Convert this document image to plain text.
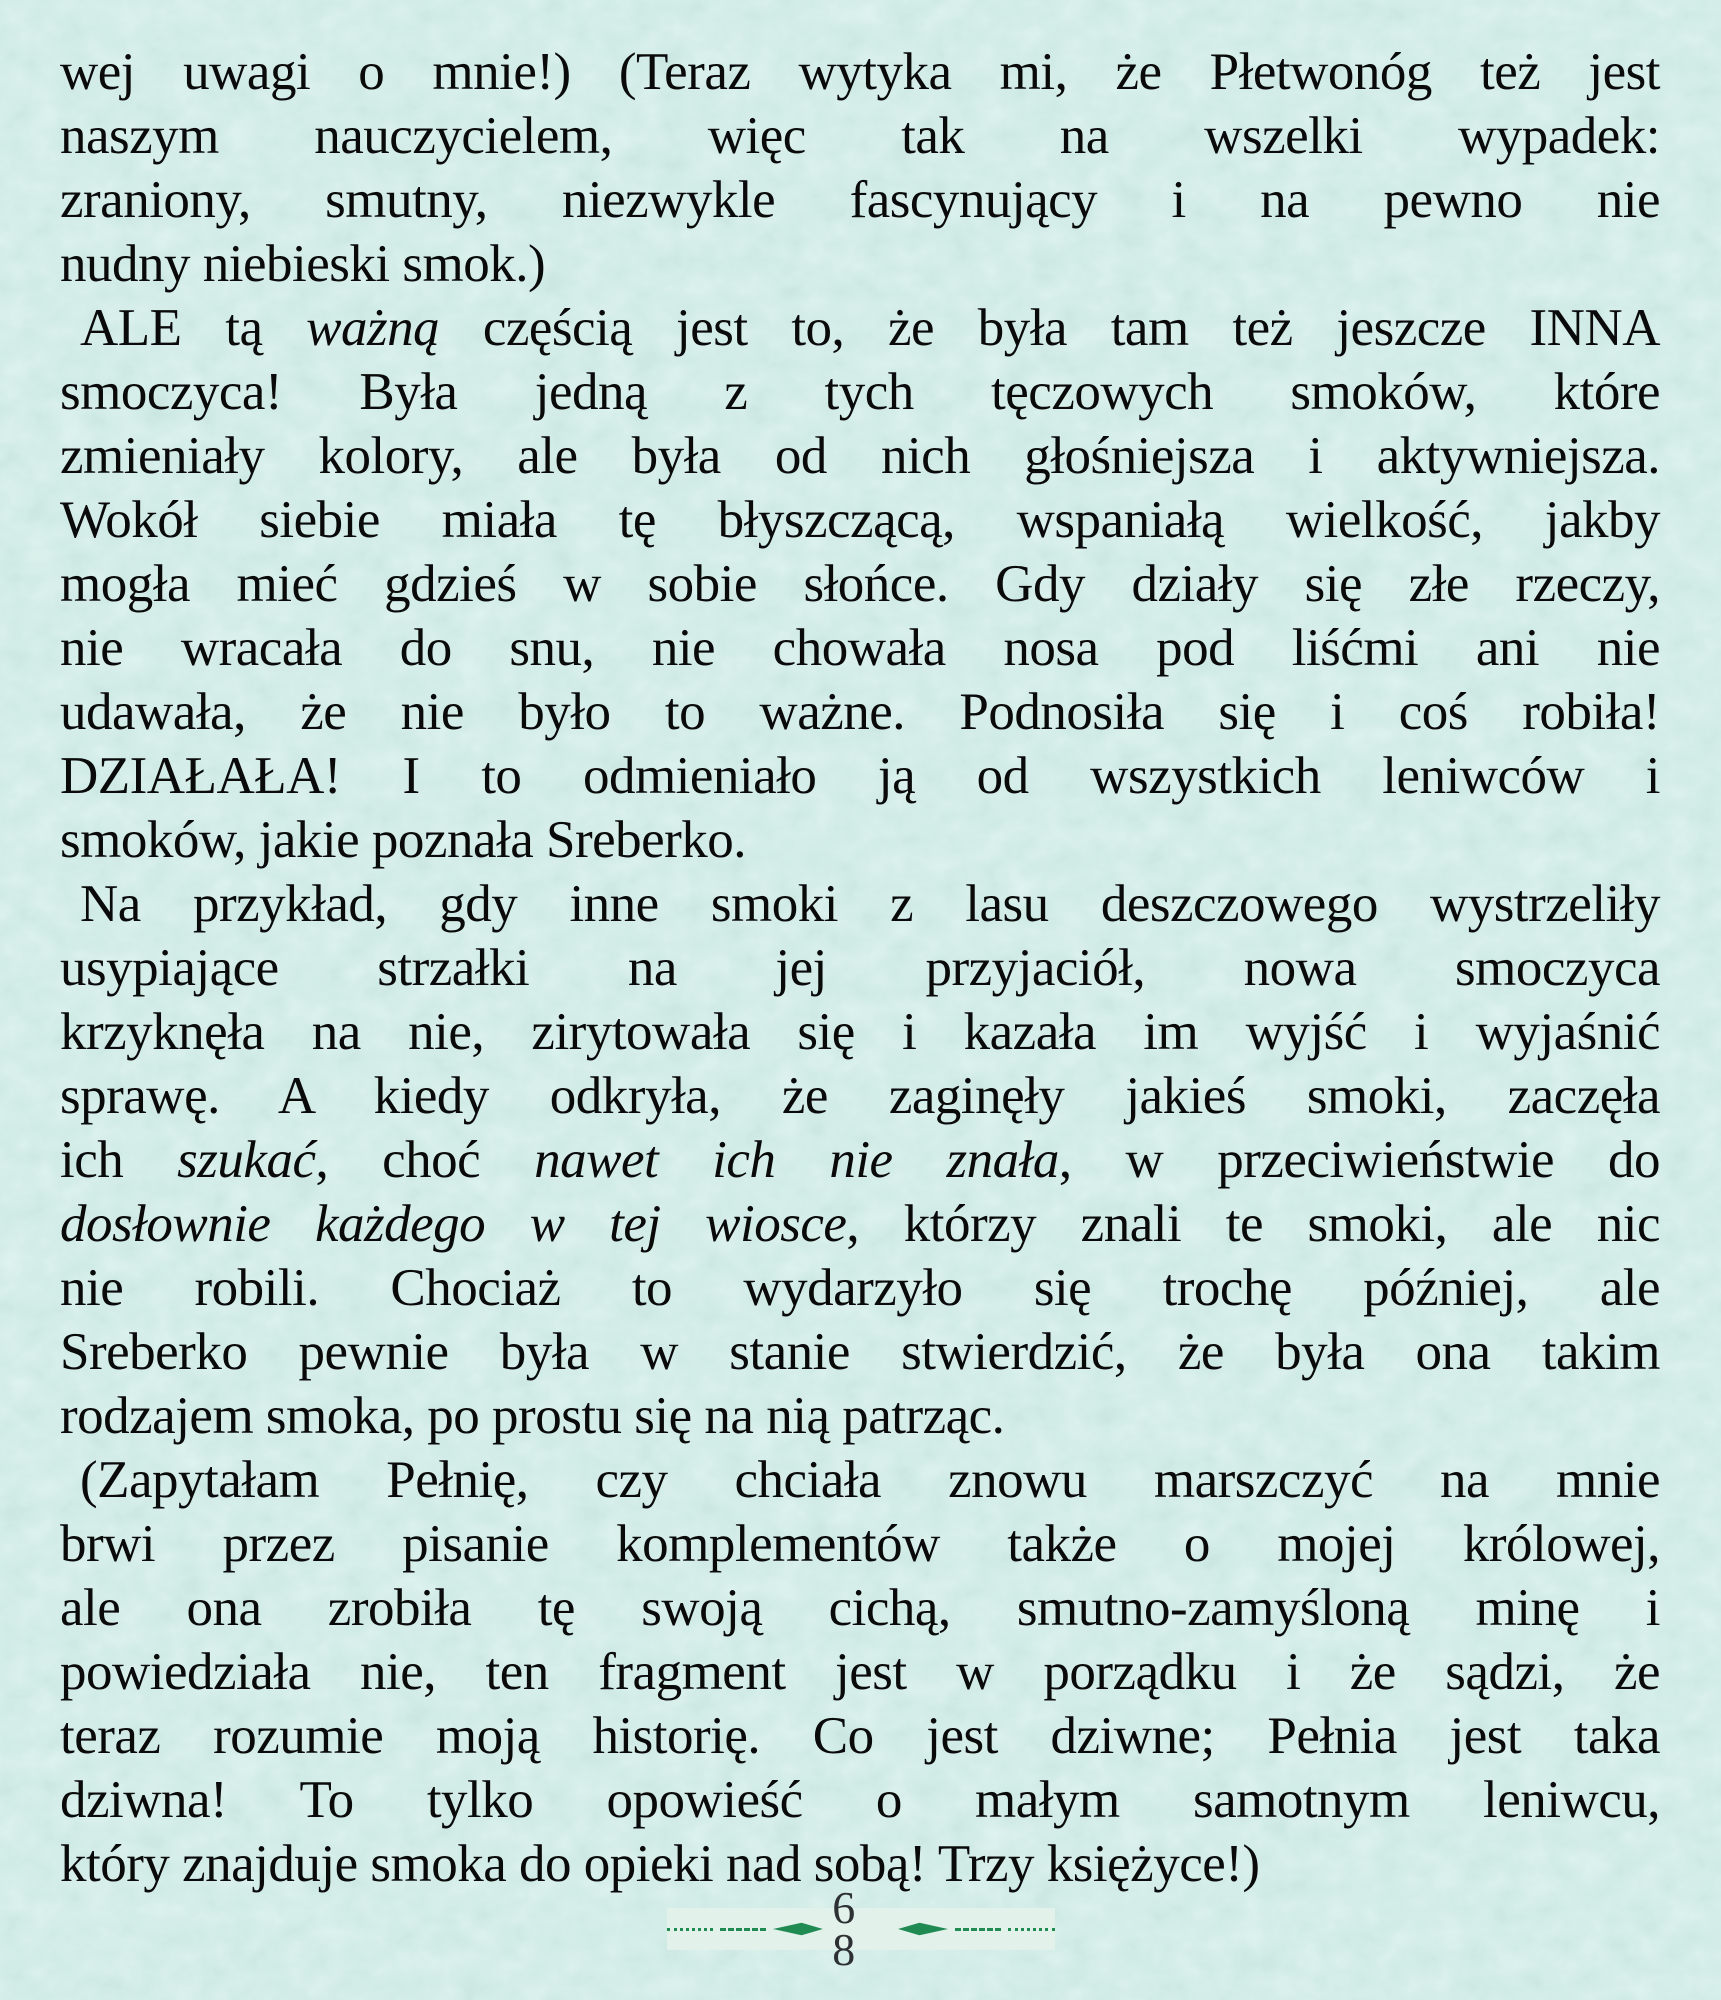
wej uwagi o mnie!) (Teraz wytyka mi, że Płetwonóg też jest
naszym nauczycielem, więc tak na wszelki wypadek:
zraniony, smutny, niezwykle fascynujący i na pewno nie
nudny niebieski smok.)
ALE tą ważną częścią jest to, że była tam też jeszcze INNA
smoczyca! Była jedną z tych tęczowych smoków, które
zmieniały kolory, ale była od nich głośniejsza i aktywniejsza.
Wokół siebie miała tę błyszczącą, wspaniałą wielkość, jakby
mogła mieć gdzieś w sobie słońce. Gdy działy się złe rzeczy,
nie wracała do snu, nie chowała nosa pod liśćmi ani nie
udawała, że nie było to ważne. Podnosiła się i coś robiła!
DZIAŁAŁA! I to odmieniało ją od wszystkich leniwców i
smoków, jakie poznała Sreberko.
Na przykład, gdy inne smoki z lasu deszczowego wystrzeliły
usypiające strzałki na jej przyjaciół, nowa smoczyca
krzyknęła na nie, zirytowała się i kazała im wyjść i wyjaśnić
sprawę. A kiedy odkryła, że zaginęły jakieś smoki, zaczęła
ich szukać, choć nawet ich nie znała, w przeciwieństwie do
dosłownie każdego w tej wiosce, którzy znali te smoki, ale nic
nie robili. Chociaż to wydarzyło się trochę później, ale
Sreberko pewnie była w stanie stwierdzić, że była ona takim
rodzajem smoka, po prostu się na nią patrząc.
(Zapytałam Pełnię, czy chciała znowu marszczyć na mnie
brwi przez pisanie komplementów także o mojej królowej,
ale ona zrobiła tę swoją cichą, smutno-zamyśloną minę i
powiedziała nie, ten fragment jest w porządku i że sądzi, że
teraz rozumie moją historię. Co jest dziwne; Pełnia jest taka
dziwna! To tylko opowieść o małym samotnym leniwcu,
który znajduje smoka do opieki nad sobą! Trzy księżyce!)
6 8
